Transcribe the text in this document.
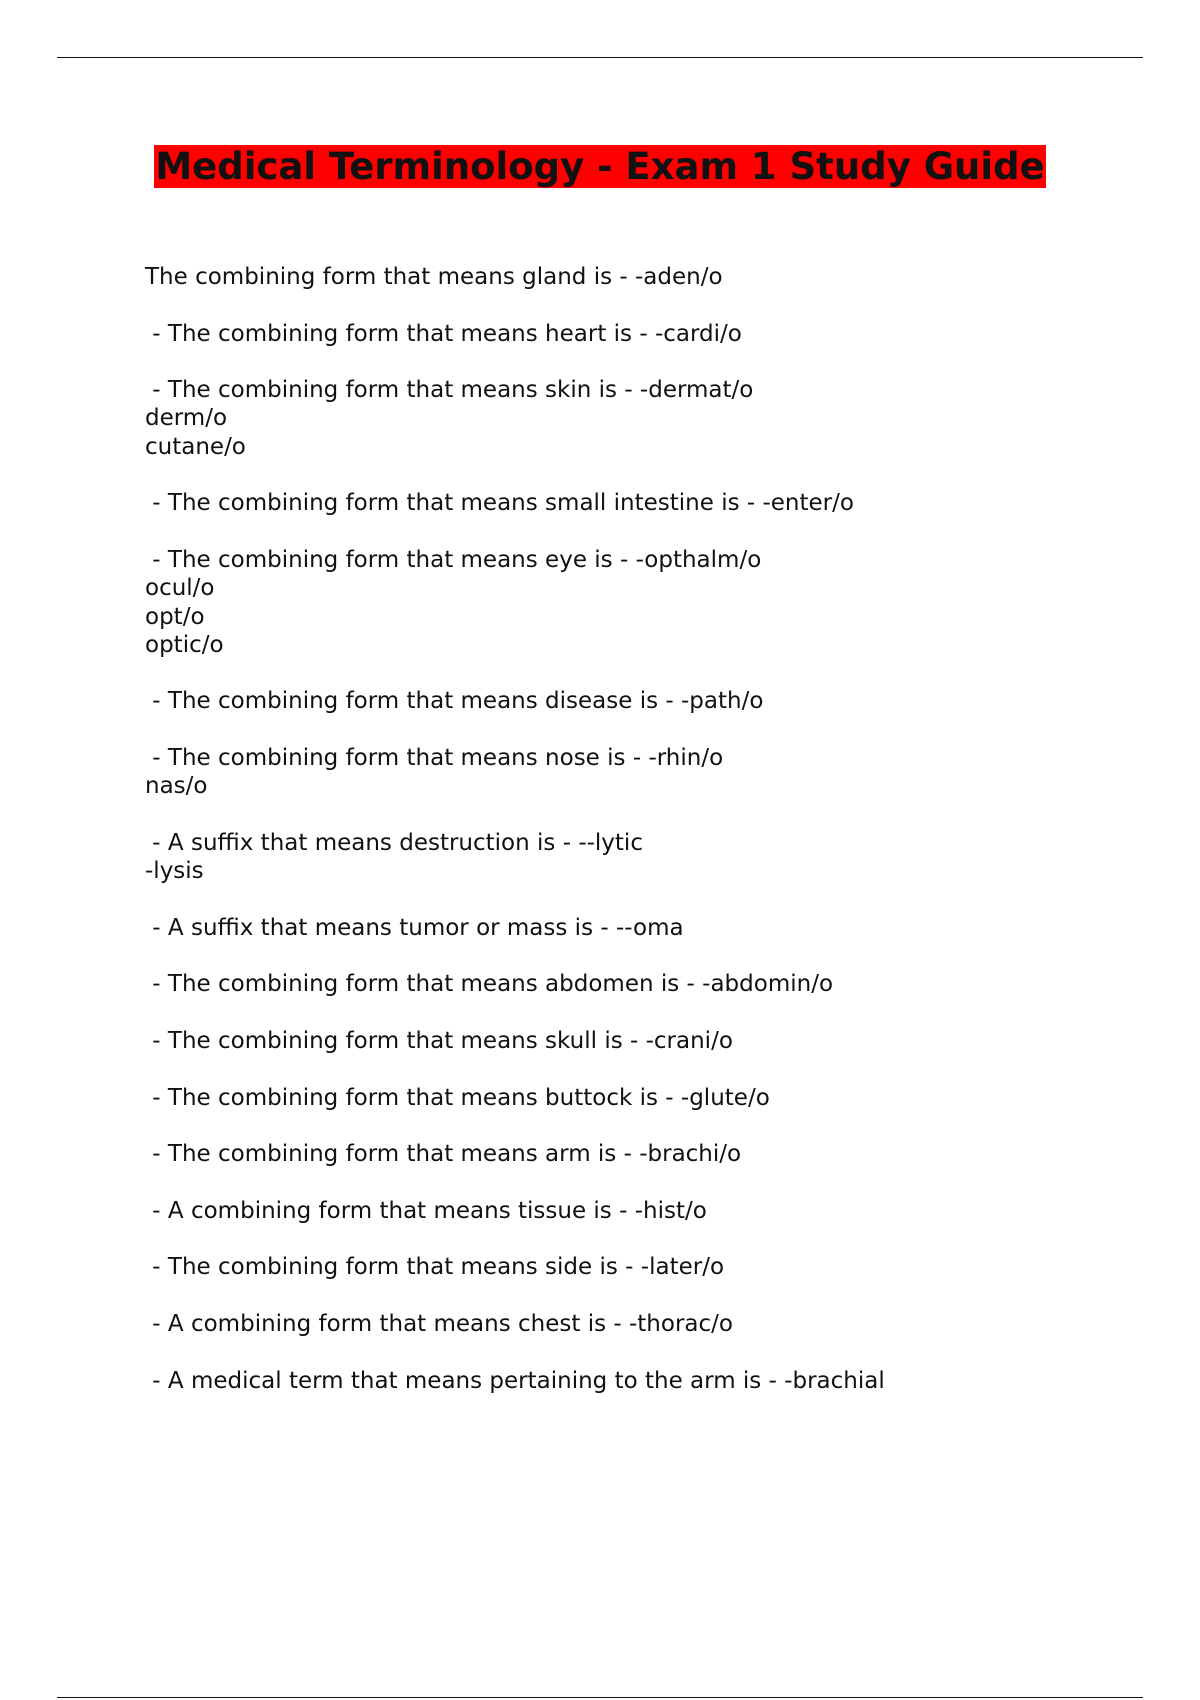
Medical Terminology - Exam 1 Study Guide
The combining form that means gland is - -aden/o
- The combining form that means heart is - -cardi/o
- The combining form that means skin is - -dermat/o
derm/o
cutane/o
- The combining form that means small intestine is - -enter/o
- The combining form that means eye is - -opthalm/o
ocul/o
opt/o
optic/o
- The combining form that means disease is - -path/o
- The combining form that means nose is - -rhin/o
nas/o
- A suffix that means destruction is - --lytic
-lysis
- A suffix that means tumor or mass is - --oma
- The combining form that means abdomen is - -abdomin/o
- The combining form that means skull is - -crani/o
- The combining form that means buttock is - -glute/o
- The combining form that means arm is - -brachi/o
- A combining form that means tissue is - -hist/o
- The combining form that means side is - -later/o
- A combining form that means chest is - -thorac/o
- A medical term that means pertaining to the arm is - -brachial
